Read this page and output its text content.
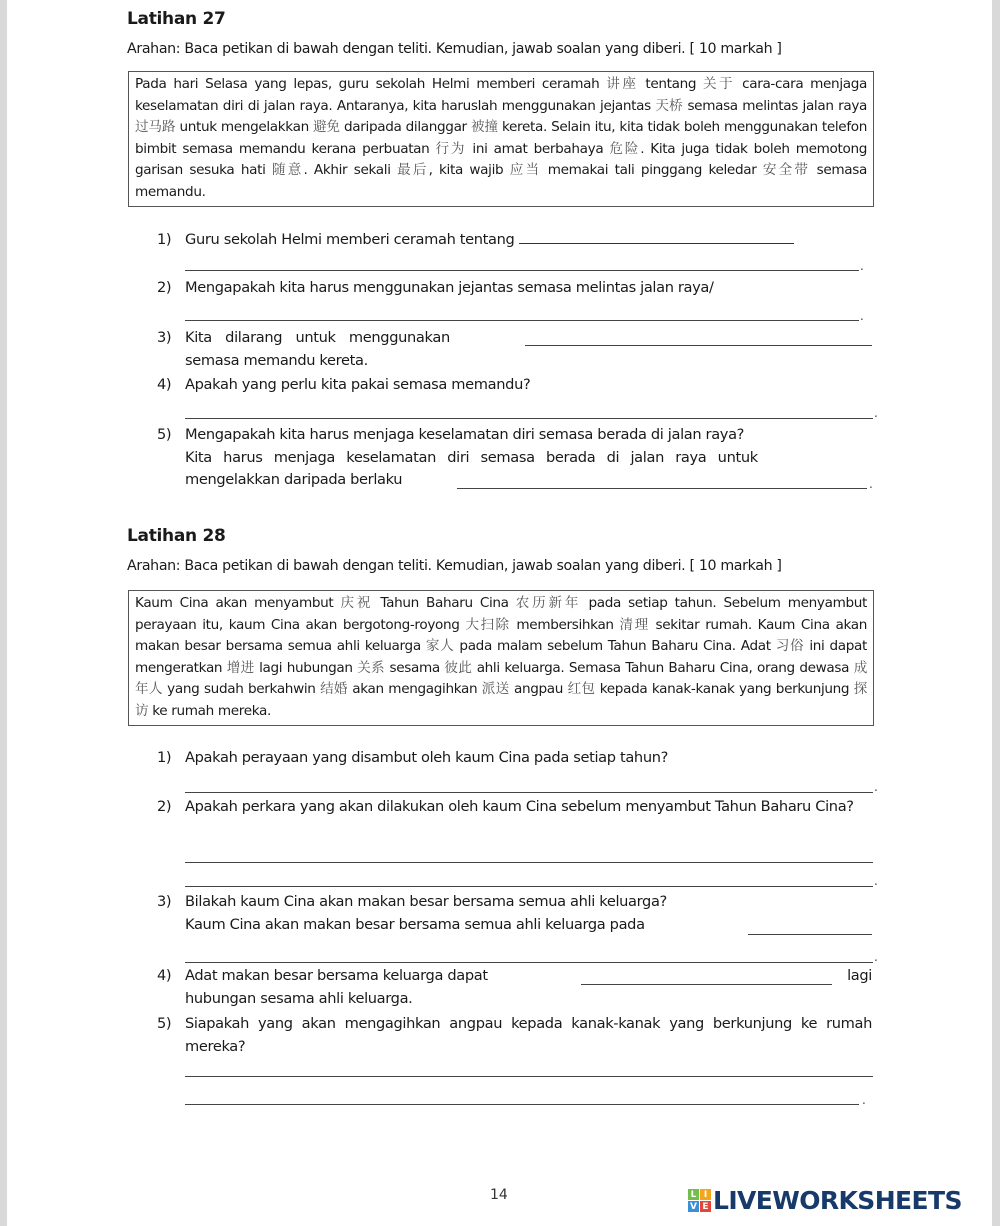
Latihan 27
Arahan: Baca petikan di bawah dengan teliti. Kemudian, jawab soalan yang diberi. [ 10 markah ]
Pada hari Selasa yang lepas, guru sekolah Helmi memberi ceramah 讲座 tentang 关于 cara-cara menjaga keselamatan diri di jalan raya. Antaranya, kita haruslah menggunakan jejantas 天桥 semasa melintas jalan raya 过马路 untuk mengelakkan 避免 daripada dilanggar 被撞 kereta. Selain itu, kita tidak boleh menggunakan telefon bimbit semasa memandu kerana perbuatan 行为 ini amat berbahaya 危险. Kita juga tidak boleh memotong garisan sesuka hati 随意. Akhir sekali 最后, kita wajib 应当 memakai tali pinggang keledar 安全带 semasa memandu.
1) Guru sekolah Helmi memberi ceramah tentang
.
2) Mengapakah kita harus menggunakan jejantas semasa melintas jalan raya/
.
3) Kita dilarang untuk menggunakan
semasa memandu kereta.
4) Apakah yang perlu kita pakai semasa memandu?
.
5) Mengapakah kita harus menjaga keselamatan diri semasa berada di jalan raya?
Kita harus menjaga keselamatan diri semasa berada di jalan raya untuk
mengelakkan daripada berlaku	.
Latihan 28
Arahan: Baca petikan di bawah dengan teliti. Kemudian, jawab soalan yang diberi. [ 10 markah ]
Kaum Cina akan menyambut 庆祝 Tahun Baharu Cina 农历新年 pada setiap tahun. Sebelum menyambut perayaan itu, kaum Cina akan bergotong-royong 大扫除 membersihkan 清理 sekitar rumah. Kaum Cina akan makan besar bersama semua ahli keluarga 家人 pada malam sebelum Tahun Baharu Cina. Adat 习俗 ini dapat mengeratkan 增进 lagi hubungan 关系 sesama 彼此 ahli keluarga. Semasa Tahun Baharu Cina, orang dewasa 成年人 yang sudah berkahwin 结婚 akan mengagihkan 派送 angpau 红包 kepada kanak-kanak yang berkunjung 探访 ke rumah mereka.
1) Apakah perayaan yang disambut oleh kaum Cina pada setiap tahun?
.
2) Apakah perkara yang akan dilakukan oleh kaum Cina sebelum menyambut Tahun Baharu Cina?
.
3) Bilakah kaum Cina akan makan besar bersama semua ahli keluarga?
Kaum Cina akan makan besar bersama semua ahli keluarga pada
.
4) Adat makan besar bersama keluarga dapat	lagi
hubungan sesama ahli keluarga.
5) Siapakah yang akan mengagihkan angpau kepada kanak-kanak yang berkunjung ke rumah mereka?
.
14	L I
V E LIVEWORKSHEETS
